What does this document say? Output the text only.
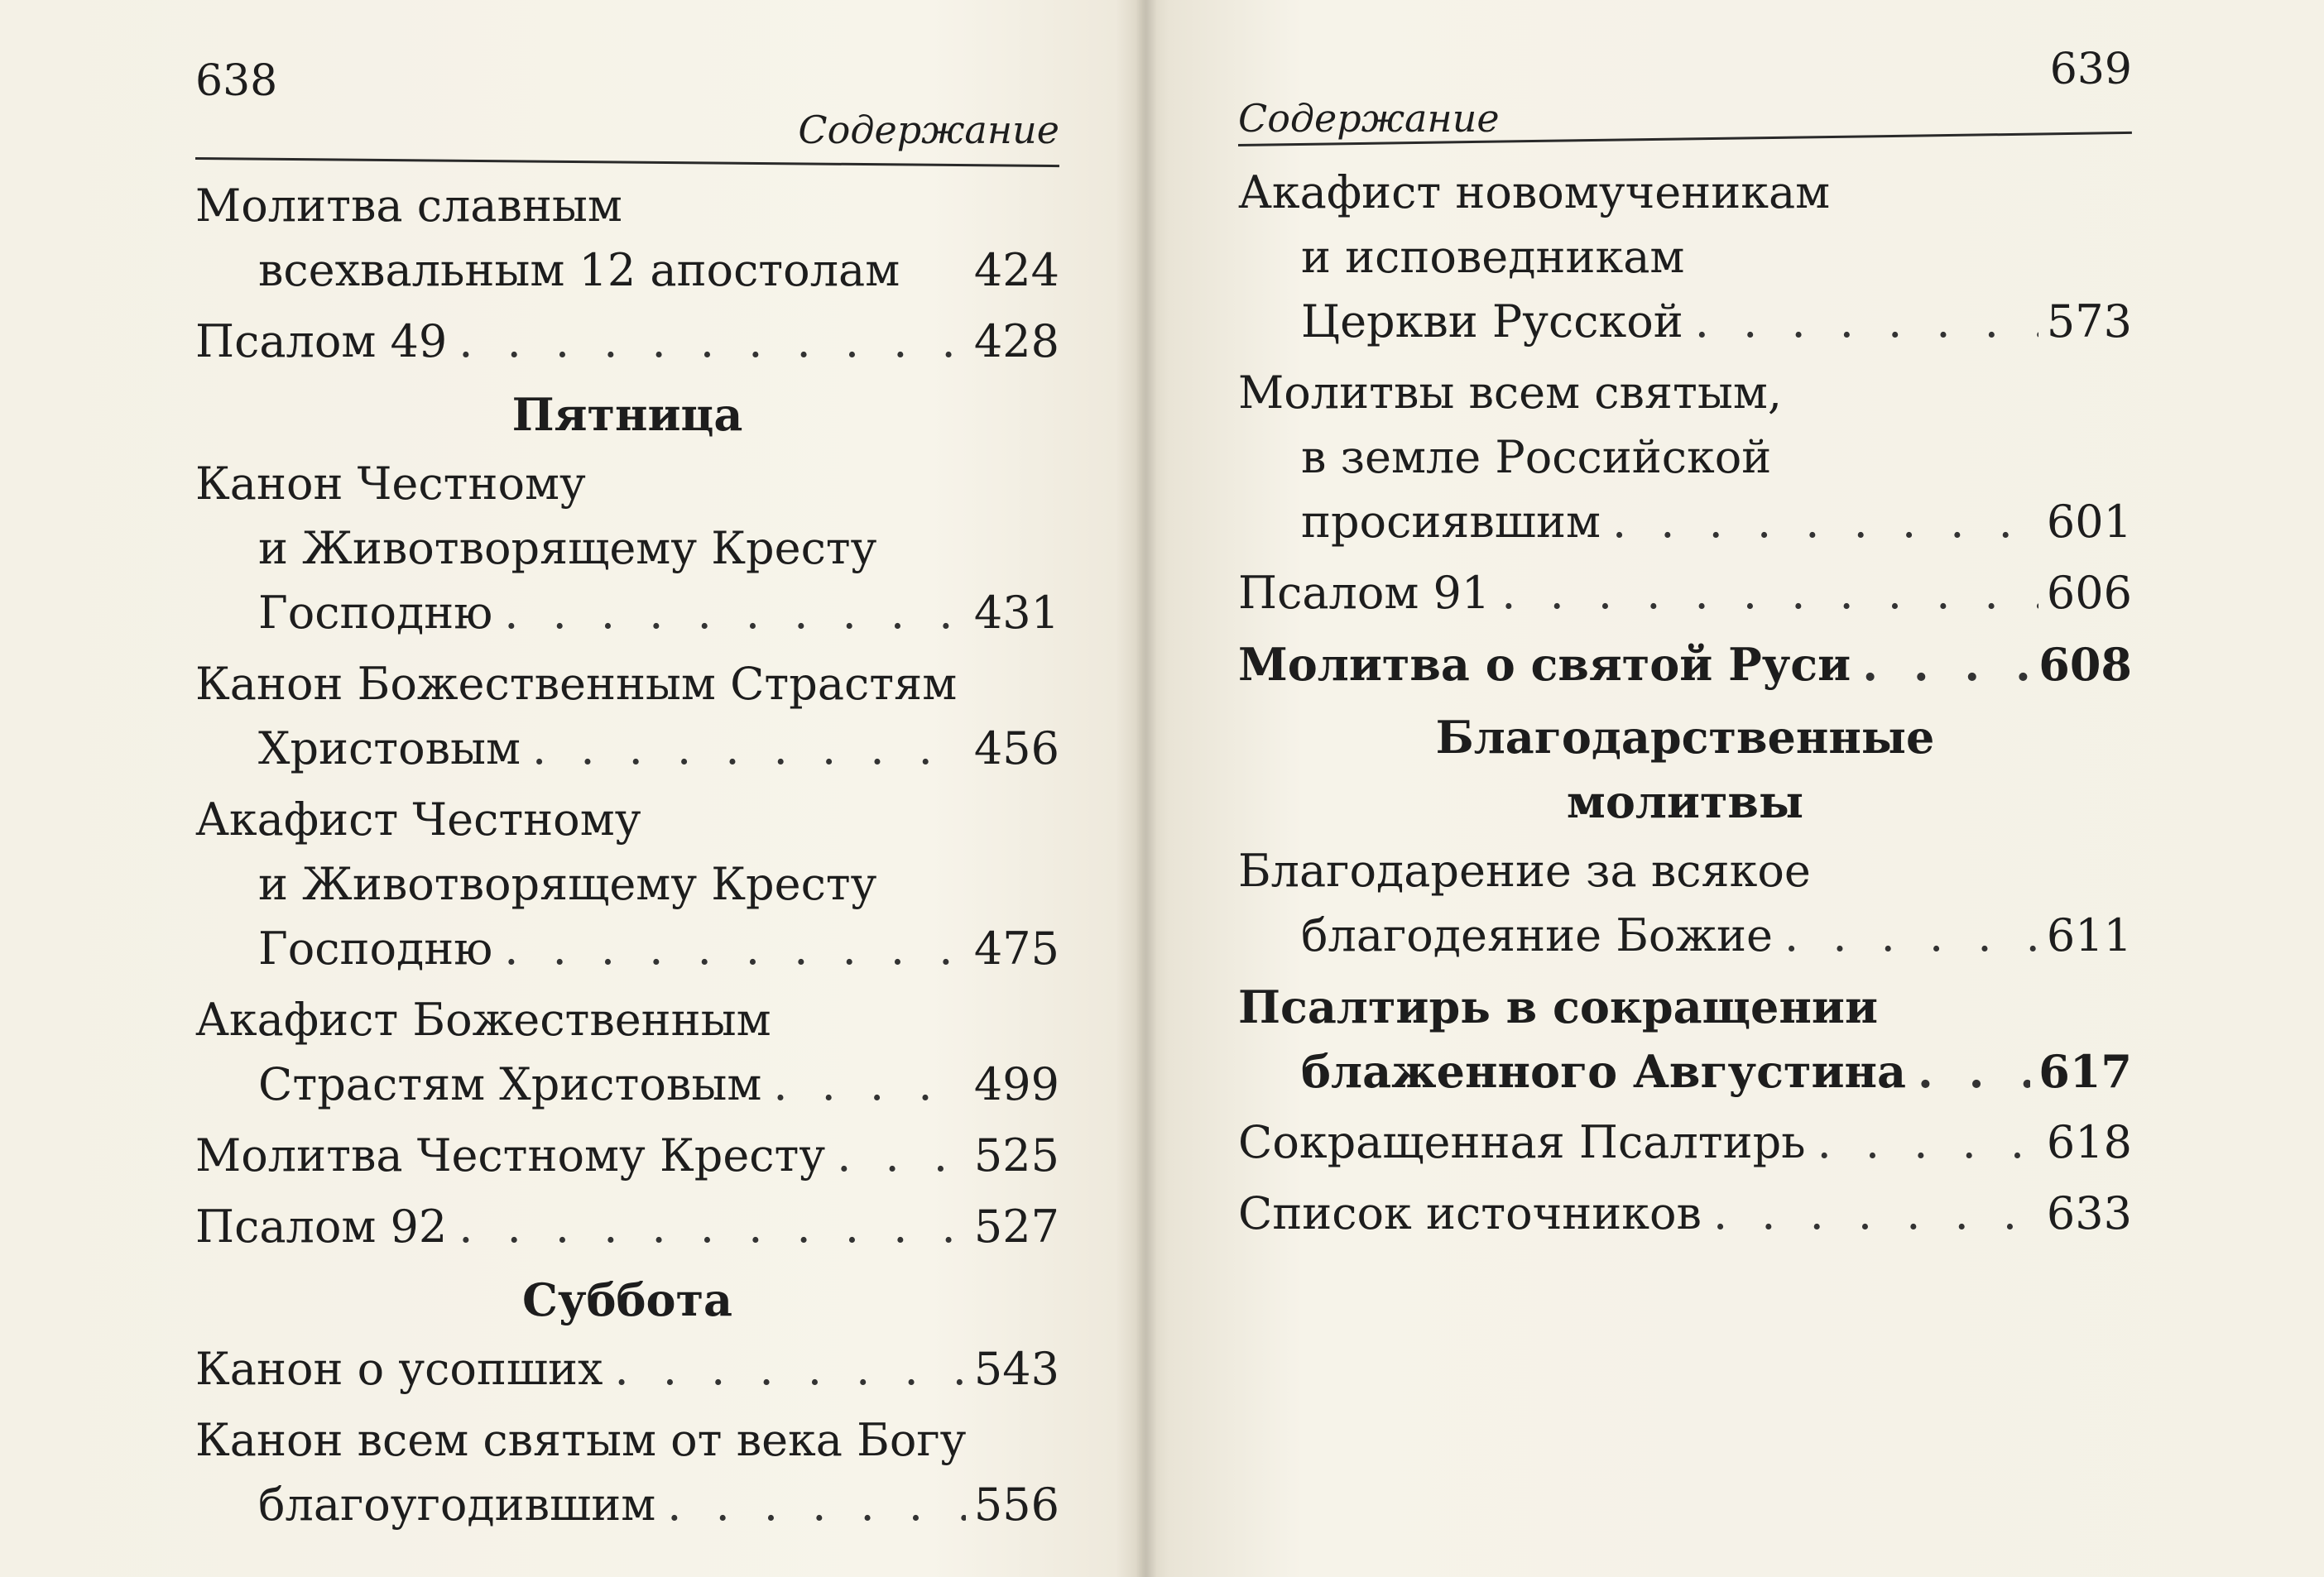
638
Содержание
Молитва славным
всехвальным 12 апостолам 424
Псалом 49 . . .	428
Пятница
Канон Честному
и Животворящему Кресту
Господню . . .	431
Канон Божественным Страстям
Христовым . . .	456
Акафист Честному
и Животворящему Кресту
Господню . . .	475
Акафист Божественным
Страстям Христовым . . .	499
Молитва Честному Кресту . . .	525
Псалом 92 . . .	527
Суббота
Канон о усопших . . .	543
Канон всем святым от века Богу
благоугодившим . . .	556
639
Содержание
Акафист новомученикам
и исповедникам
Церкви Русской . . .	573
Молитвы всем святым,
в земле Российской
просиявшим . . .	601
Псалом 91 . . .	606
Молитва о святой Руси . . .	608
Благодарственные
молитвы
Благодарение за всякое
благодеяние Божие . . .	611
Псалтирь в сокращении
блаженного Августина . . .	617
Сокращенная Псалтирь . . .	618
Список источников . . .	633
